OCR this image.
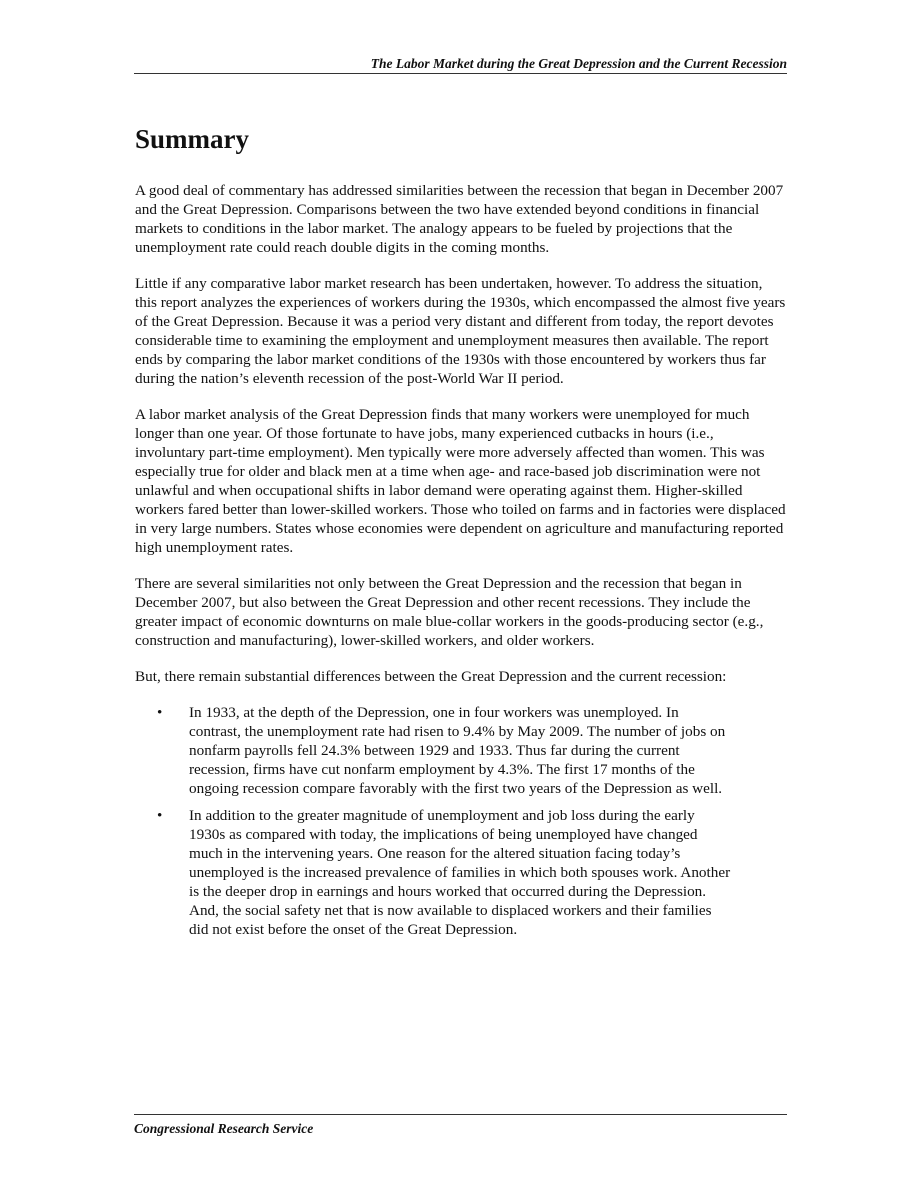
The Labor Market during the Great Depression and the Current Recession
Summary

A good deal of commentary has addressed similarities between the recession that began in December 2007 and the Great Depression. Comparisons between the two have extended beyond conditions in financial markets to conditions in the labor market. The analogy appears to be fueled by projections that the unemployment rate could reach double digits in the coming months.

Little if any comparative labor market research has been undertaken, however. To address the situation, this report analyzes the experiences of workers during the 1930s, which encompassed the almost five years of the Great Depression. Because it was a period very distant and different from today, the report devotes considerable time to examining the employment and unemployment measures then available. The report ends by comparing the labor market conditions of the 1930s with those encountered by workers thus far during the nation’s eleventh recession of the post-World War II period.

A labor market analysis of the Great Depression finds that many workers were unemployed for much longer than one year. Of those fortunate to have jobs, many experienced cutbacks in hours (i.e., involuntary part-time employment). Men typically were more adversely affected than women. This was especially true for older and black men at a time when age- and race-based job discrimination were not unlawful and when occupational shifts in labor demand were operating against them. Higher-skilled workers fared better than lower-skilled workers. Those who toiled on farms and in factories were displaced in very large numbers. States whose economies were dependent on agriculture and manufacturing reported high unemployment rates.

There are several similarities not only between the Great Depression and the recession that began in December 2007, but also between the Great Depression and other recent recessions. They include the greater impact of economic downturns on male blue-collar workers in the goods-producing sector (e.g., construction and manufacturing), lower-skilled workers, and older workers.

But, there remain substantial differences between the Great Depression and the current recession:

• In 1933, at the depth of the Depression, one in four workers was unemployed. In contrast, the unemployment rate had risen to 9.4% by May 2009. The number of jobs on nonfarm payrolls fell 24.3% between 1929 and 1933. Thus far during the current recession, firms have cut nonfarm employment by 4.3%. The first 17 months of the ongoing recession compare favorably with the first two years of the Depression as well.
• In addition to the greater magnitude of unemployment and job loss during the early 1930s as compared with today, the implications of being unemployed have changed much in the intervening years. One reason for the altered situation facing today’s unemployed is the increased prevalence of families in which both spouses work. Another is the deeper drop in earnings and hours worked that occurred during the Depression. And, the social safety net that is now available to displaced workers and their families did not exist before the onset of the Great Depression.
Congressional Research Service
